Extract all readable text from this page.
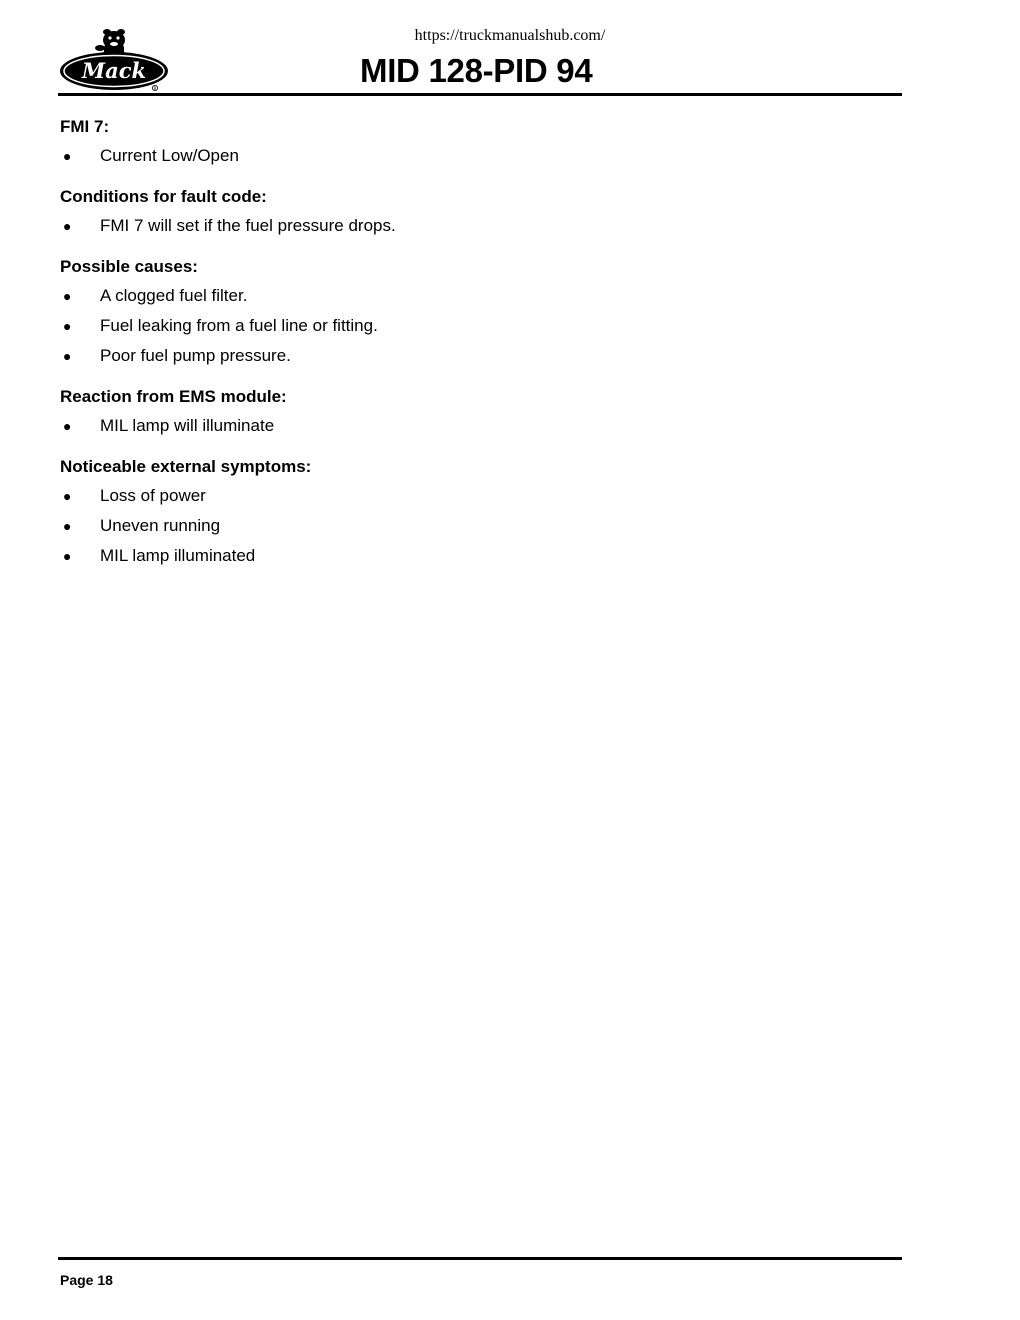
https://truckmanualshub.com/
Mack
R	MID 128-PID 94
FMI 7:
● Current Low/Open
Conditions for fault code:
● FMI 7 will set if the fuel pressure drops.
Possible causes:
● A clogged fuel filter.
● Fuel leaking from a fuel line or fitting.
● Poor fuel pump pressure.
Reaction from EMS module:
● MIL lamp will illuminate
Noticeable external symptoms:
● Loss of power
● Uneven running
● MIL lamp illuminated
Page 18
